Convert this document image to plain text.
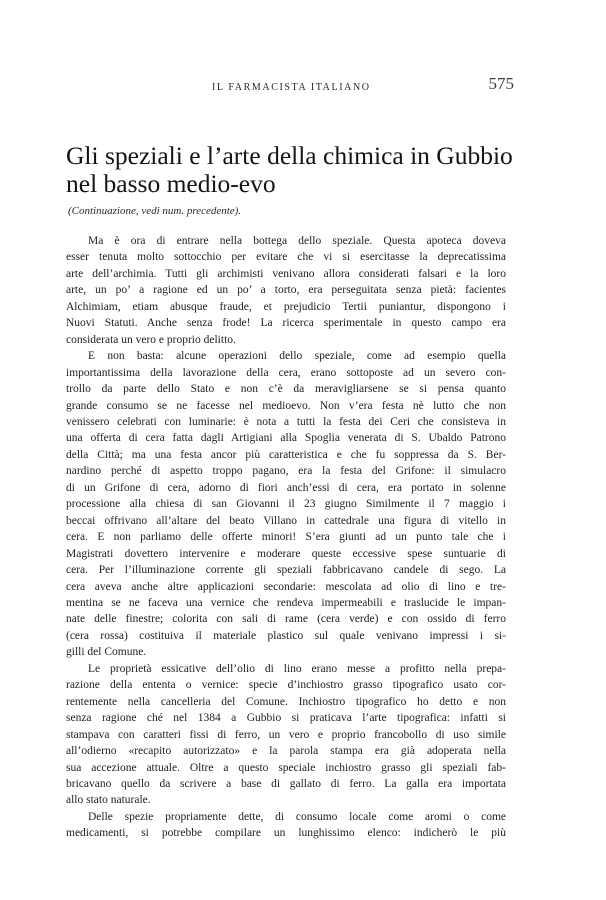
IL FARMACISTA ITALIANO	575
Gli speziali e l’arte della chimica in Gubbio
nel basso medio-evo
(Continuazione, vedi num. precedente).
Ma è ora di entrare nella bottega dello speziale. Questa apoteca doveva
esser tenuta molto sottocchio per evitare che vi si esercitasse la deprecatissima
arte dell’archimia. Tutti gli archimisti venivano allora considerati falsari e la loro
arte, un po’ a ragione ed un po’ a torto, era perseguitata senza pietà: facientes
Alchimiam, etiam abusque fraude, et prejudicio Tertii puniantur, dispongono i
Nuovi Statuti. Anche senza frode! La ricerca sperimentale in questo campo era
considerata un vero e proprio delitto.
E non basta: alcune operazioni dello speziale, come ad esempio quella
importantissima della lavorazione della cera, erano sottoposte ad un severo con-
trollo da parte dello Stato e non c’è da meravigliarsene se si pensa quanto
grande consumo se ne facesse nel medioevo. Non v’era festa nè lutto che non
venissero celebrati con luminarie: è nota a tutti la festa dei Ceri che consisteva in
una offerta di cera fatta dagli Artigiani alla Spoglia venerata di S. Ubaldo Patrono
della Città; ma una festa ancor più caratteristica e che fu soppressa da S. Ber-
nardino perché di aspetto troppo pagano, era la festa del Grifone: il simulacro
di un Grifone di cera, adorno di fiori anch’essi di cera, era portato in solenne
processione alla chiesa di san Giovanni il 23 giugno Similmente il 7 maggio i
beccai offrivano all’altare del beato Villano in cattedrale una figura di vitello in
cera. E non parliamo delle offerte minori! S’era giunti ad un punto tale che i
Magistrati dovettero intervenire e moderare queste eccessive spese suntuarie di
cera. Per l’illuminazione corrente gli speziali fabbricavano candele di sego. La
cera aveva anche altre applicazioni secondarie: mescolata ad olio di lino e tre-
mentina se ne faceva una vernice che rendeva impermeabili e traslucide le impan-
nate delle finestre; colorita con sali di rame (cera verde) e con ossido di ferro
(cera rossa) costituiva il materiale plastico sul quale venivano impressi i si-
gilli del Comune.
Le proprietà essicative dell’olio di lino erano messe a profitto nella prepa-
razione della ententa o vernice: specie d’inchiostro grasso tipografico usato cor-
rentemente nella cancelleria del Comune. Inchiostro tipografico ho detto e non
senza ragione ché nel 1384 a Gubbio si praticava l’arte tipografica: infatti si
stampava con caratteri fissi di ferro, un vero e proprio francobollo di uso simile
all’odierno «recapito autorizzato» e la parola stampa era già adoperata nella
sua accezione attuale. Oltre a questo speciale inchiostro grasso gli speziali fab-
bricavano quello da scrivere a base di gallato di ferro. La galla era importata
allo stato naturale.
Delle spezie propriamente dette, di consumo locale come aromi o come
medicamenti, si potrebbe compilare un lunghissimo elenco: indicherò le più
